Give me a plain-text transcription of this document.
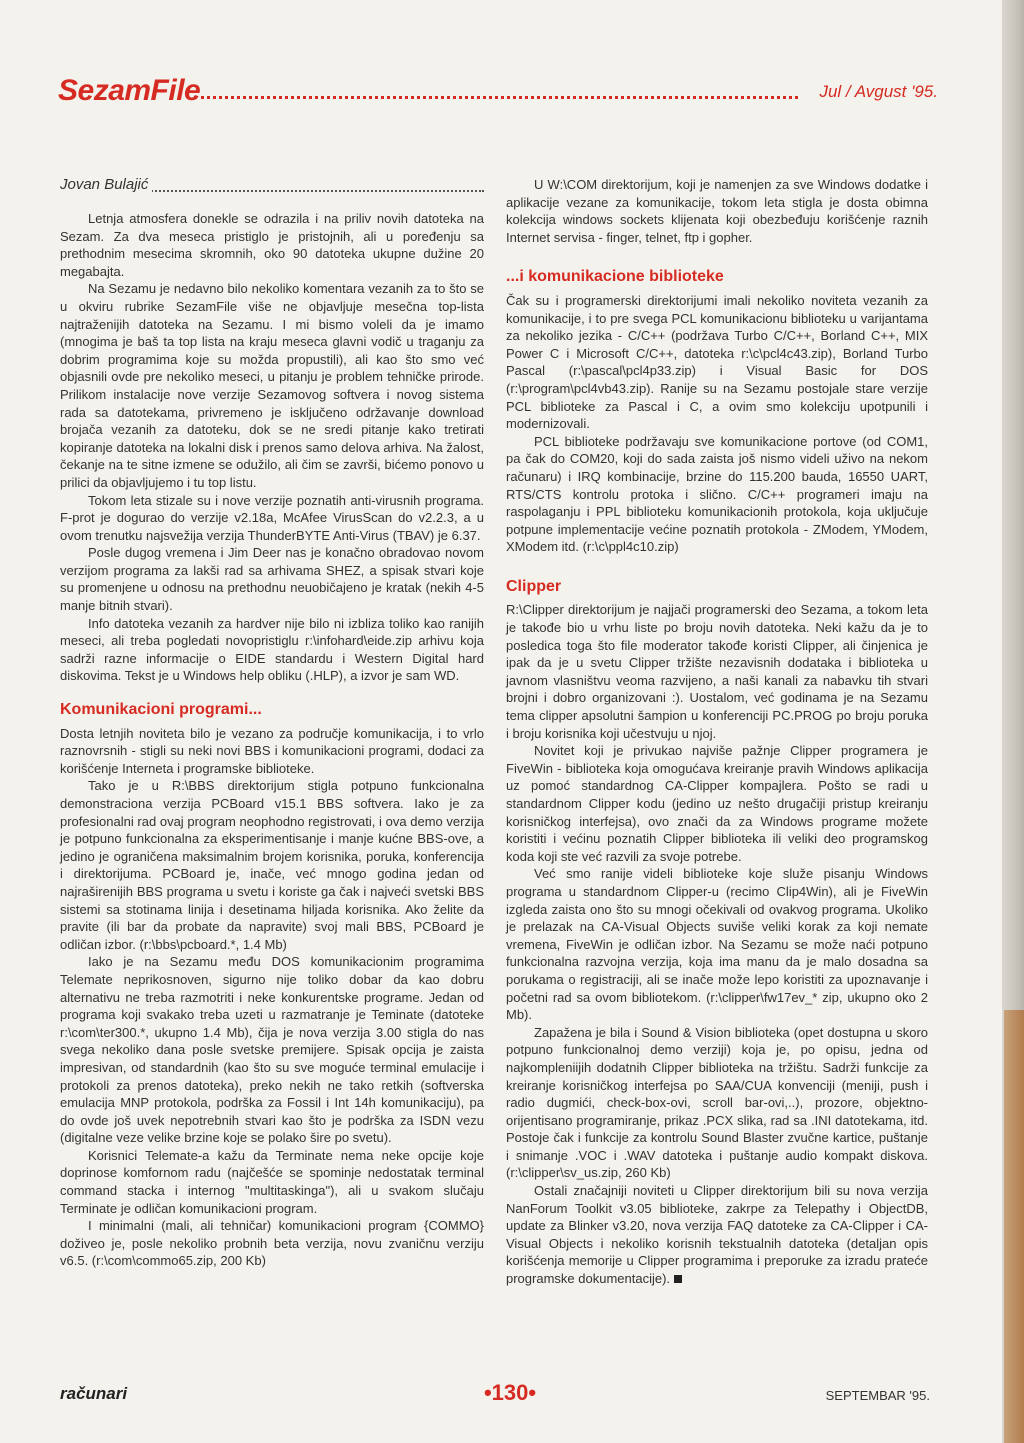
SezamFile	Jul / Avgust '95.
Jovan Bulajić

Letnja atmosfera donekle se odrazila i na priliv novih datoteka na Sezam. Za dva meseca pristiglo je pristojnih, ali u poređenju sa prethodnim mesecima skromnih, oko 90 datoteka ukupne dužine 20 megabajta.

Na Sezamu je nedavno bilo nekoliko komentara vezanih za to što se u okviru rubrike SezamFile više ne objavljuje mesečna top-lista najtraženijih datoteka na Sezamu. I mi bismo voleli da je imamo (mnogima je baš ta top lista na kraju meseca glavni vodič u traganju za dobrim programima koje su možda propustili), ali kao što smo već objasnili ovde pre nekoliko meseci, u pitanju je problem tehničke prirode. Prilikom instalacije nove verzije Sezamovog softvera i novog sistema rada sa datotekama, privremeno je isključeno održavanje download brojača vezanih za datoteku, dok se ne sredi pitanje kako tretirati kopiranje datoteka na lokalni disk i prenos samo delova arhiva. Na žalost, čekanje na te sitne izmene se odužilo, ali čim se završi, bićemo ponovo u prilici da objavljujemo i tu top listu.

Tokom leta stizale su i nove verzije poznatih anti-virusnih programa. F-prot je dogurao do verzije v2.18a, McAfee VirusScan do v2.2.3, a u ovom trenutku najsvežija verzija ThunderBYTE Anti-Virus (TBAV) je 6.37.

Posle dugog vremena i Jim Deer nas je konačno obradovao novom verzijom programa za lakši rad sa arhivama SHEZ, a spisak stvari koje su promenjene u odnosu na prethodnu neuobičajeno je kratak (nekih 4-5 manje bitnih stvari).

Info datoteka vezanih za hardver nije bilo ni izbliza toliko kao ranijih meseci, ali treba pogledati novopristiglu r:\infohard\eide.zip arhivu koja sadrži razne informacije o EIDE standardu i Western Digital hard diskovima. Tekst je u Windows help obliku (.HLP), a izvor je sam WD.

Komunikacioni programi...

Dosta letnjih noviteta bilo je vezano za područje komunikacija, i to vrlo raznovrsnih - stigli su neki novi BBS i komunikacioni programi, dodaci za korišćenje Interneta i programske biblioteke.

Tako je u R:\BBS direktorijum stigla potpuno funkcionalna demonstraciona verzija PCBoard v15.1 BBS softvera. Iako je za profesionalni rad ovaj program neophodno registrovati, i ova demo verzija je potpuno funkcionalna za eksperimentisanje i manje kućne BBS-ove, a jedino je ograničena maksimalnim brojem korisnika, poruka, konferencija i direktorijuma. PCBoard je, inače, već mnogo godina jedan od najraširenijih BBS programa u svetu i koriste ga čak i najveći svetski BBS sistemi sa stotinama linija i desetinama hiljada korisnika. Ako želite da pravite (ili bar da probate da napravite) svoj mali BBS, PCBoard je odličan izbor. (r:\bbs\pcboard.*, 1.4 Mb)

Iako je na Sezamu među DOS komunikacionim programima Telemate neprikosnoven, sigurno nije toliko dobar da kao dobru alternativu ne treba razmotriti i neke konkurentske programe. Jedan od programa koji svakako treba uzeti u razmatranje je Teminate (datoteke r:\com\ter300.*, ukupno 1.4 Mb), čija je nova verzija 3.00 stigla do nas svega nekoliko dana posle svetske premijere. Spisak opcija je zaista impresivan, od standardnih (kao što su sve moguće terminal emulacije i protokoli za prenos datoteka), preko nekih ne tako retkih (softverska emulacija MNP protokola, podrška za Fossil i Int 14h komunikaciju), pa do ovde još uvek nepotrebnih stvari kao što je podrška za ISDN vezu (digitalne veze velike brzine koje se polako šire po svetu).

Korisnici Telemate-a kažu da Terminate nema neke opcije koje doprinose komfornom radu (najčešće se spominje nedostatak terminal command stacka i internog "multitaskinga"), ali u svakom slučaju Terminate je odličan komunikacioni program.

I minimalni (mali, ali tehničar) komunikacioni program {COMMO} doživeo je, posle nekoliko probnih beta verzija, novu zvaničnu verziju v6.5. (r:\com\commo65.zip, 200 Kb)

U W:\COM direktorijum, koji je namenjen za sve Windows dodatke i aplikacije vezane za komunikacije, tokom leta stigla je dosta obimna kolekcija windows sockets klijenata koji obezbeđuju korišćenje raznih Internet servisa - finger, telnet, ftp i gopher.

...i komunikacione biblioteke

Čak su i programerski direktorijumi imali nekoliko noviteta vezanih za komunikacije, i to pre svega PCL komunikacionu biblioteku u varijantama za nekoliko jezika - C/C++ (podržava Turbo C/C++, Borland C++, MIX Power C i Microsoft C/C++, datoteka r:\c\pcl4c43.zip), Borland Turbo Pascal (r:\pascal\pcl4p33.zip) i Visual Basic for DOS (r:\program\pcl4vb43.zip). Ranije su na Sezamu postojale stare verzije PCL biblioteke za Pascal i C, a ovim smo kolekciju upotpunili i modernizovali.

PCL biblioteke podržavaju sve komunikacione portove (od COM1, pa čak do COM20, koji do sada zaista još nismo videli uživo na nekom računaru) i IRQ kombinacije, brzine do 115.200 bauda, 16550 UART, RTS/CTS kontrolu protoka i slično. C/C++ programeri imaju na raspolaganju i PPL biblioteku komunikacionih protokola, koja uključuje potpune implementacije većine poznatih protokola - ZModem, YModem, XModem itd. (r:\c\ppl4c10.zip)

Clipper

R:\Clipper direktorijum je najjači programerski deo Sezama, a tokom leta je takođe bio u vrhu liste po broju novih datoteka. Neki kažu da je to posledica toga što file moderator takođe koristi Clipper, ali činjenica je ipak da je u svetu Clipper tržište nezavisnih dodataka i biblioteka u javnom vlasništvu veoma razvijeno, a naši kanali za nabavku tih stvari brojni i dobro organizovani :). Uostalom, već godinama je na Sezamu tema clipper apsolutni šampion u konferenciji PC.PROG po broju poruka i broju korisnika koji učestvuju u njoj.

Novitet koji je privukao najviše pažnje Clipper programera je FiveWin - biblioteka koja omogućava kreiranje pravih Windows aplikacija uz pomoć standardnog CA-Clipper kompajlera. Pošto se radi u standardnom Clipper kodu (jedino uz nešto drugačiji pristup kreiranju korisničkog interfejsa), ovo znači da za Windows programe možete koristiti i većinu poznatih Clipper biblioteka ili veliki deo programskog koda koji ste već razvili za svoje potrebe.

Već smo ranije videli biblioteke koje služe pisanju Windows programa u standardnom Clipper-u (recimo Clip4Win), ali je FiveWin izgleda zaista ono što su mnogi očekivali od ovakvog programa. Ukoliko je prelazak na CA-Visual Objects suviše veliki korak za koji nemate vremena, FiveWin je odličan izbor. Na Sezamu se može naći potpuno funkcionalna razvojna verzija, koja ima manu da je malo dosadna sa porukama o registraciji, ali se inače može lepo koristiti za upoznavanje i početni rad sa ovom bibliotekom. (r:\clipper\fw17ev_* zip, ukupno oko 2 Mb).

Zapažena je bila i Sound & Vision biblioteka (opet dostupna u skoro potpuno funkcionalnoj demo verziji) koja je, po opisu, jedna od najkompleniijih dodatnih Clipper biblioteka na tržištu. Sadrži funkcije za kreiranje korisničkog interfejsa po SAA/CUA konvenciji (meniji, push i radio dugmići, check-box-ovi, scroll bar-ovi,..), prozore, objektno-orijentisano programiranje, prikaz .PCX slika, rad sa .INI datotekama, itd. Postoje čak i funkcije za kontrolu Sound Blaster zvučne kartice, puštanje i snimanje .VOC i .WAV datoteka i puštanje audio kompakt diskova. (r:\clipper\sv_us.zip, 260 Kb)

Ostali značajniji noviteti u Clipper direktorijum bili su nova verzija NanForum Toolkit v3.05 biblioteke, zakrpe za Telepathy i ObjectDB, update za Blinker v3.20, nova verzija FAQ datoteke za CA-Clipper i CA-Visual Objects i nekoliko korisnih tekstualnih datoteka (detaljan opis korišćenja memorije u Clipper programima i preporuke za izradu prateće programske dokumentacije).

računari	•130•	SEPTEMBAR '95.
